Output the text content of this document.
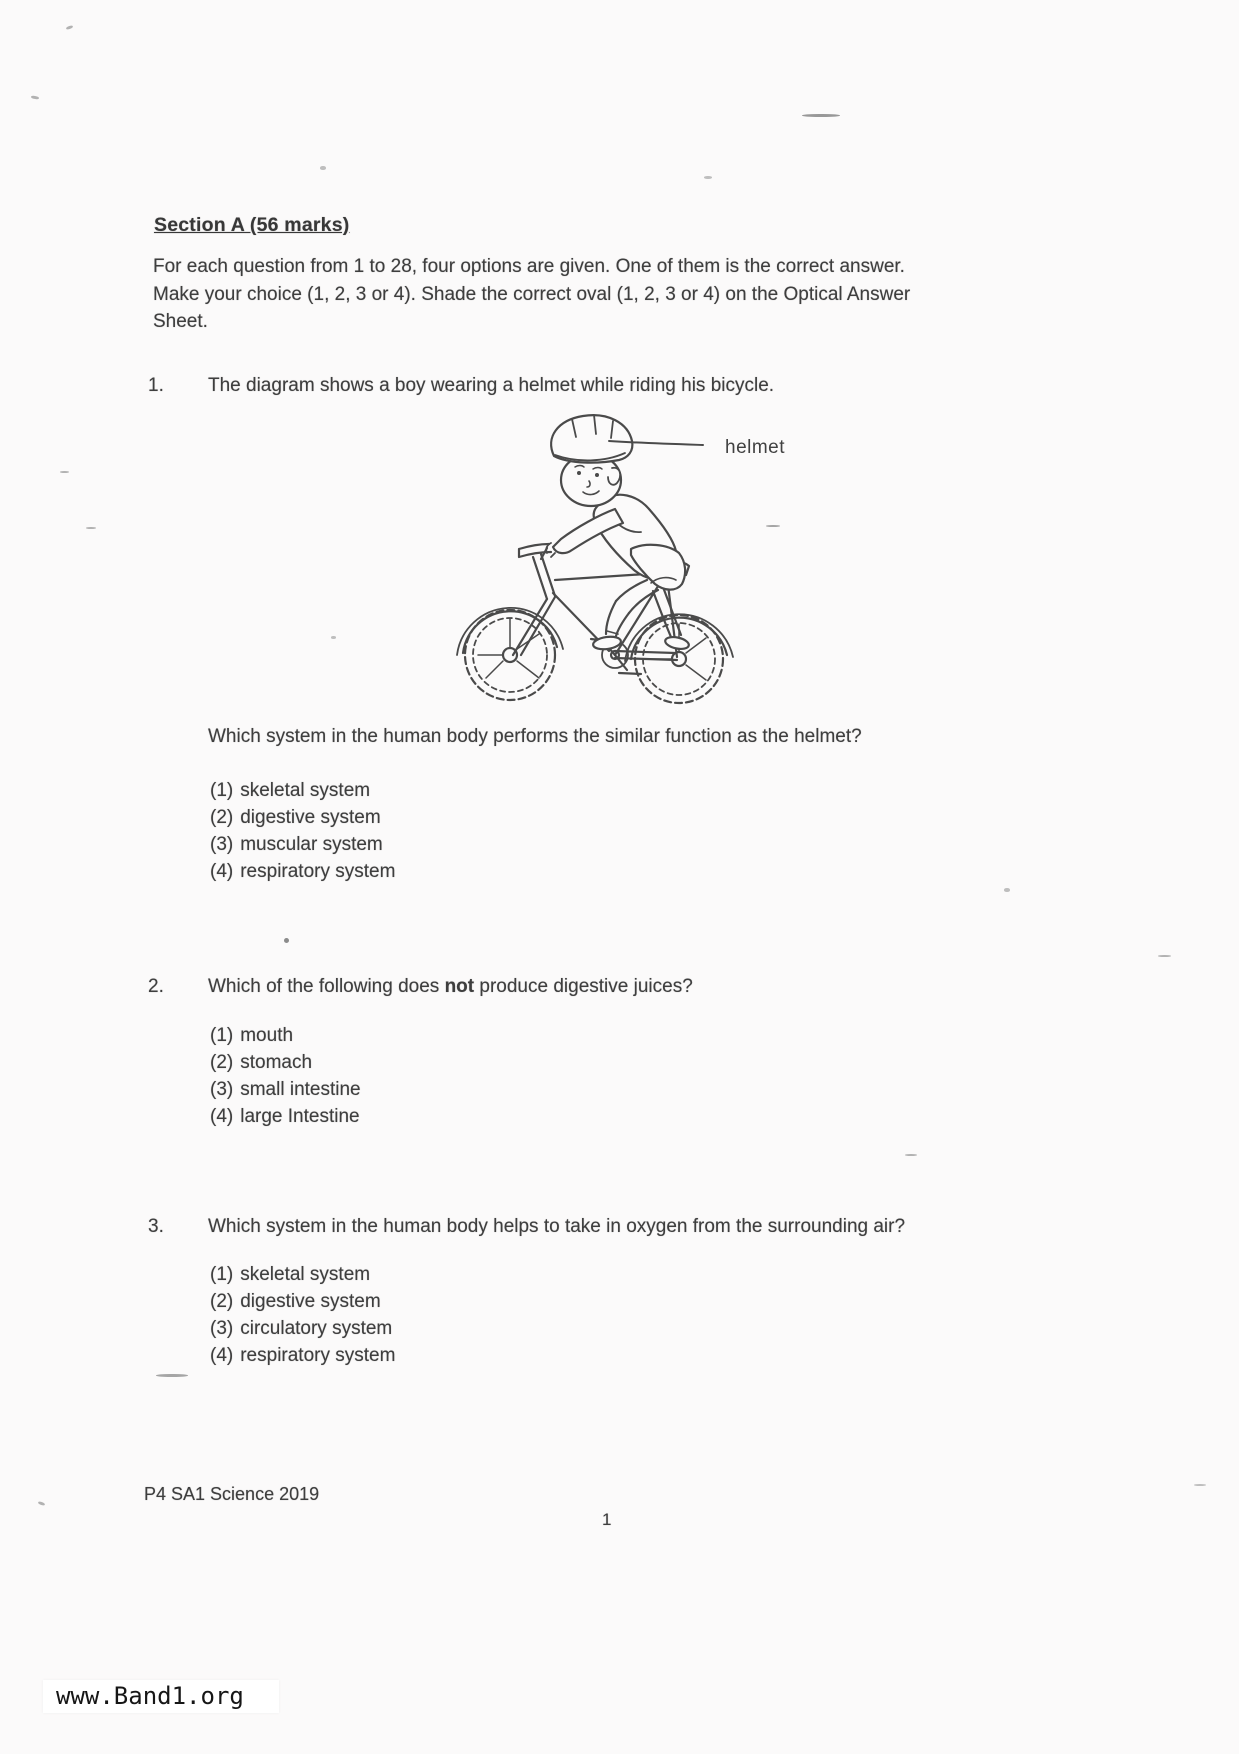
Section A (56 marks)
For each question from 1 to 28, four options are given. One of them is the correct answer.
Make your choice (1, 2, 3 or 4). Shade the correct oval (1, 2, 3 or 4) on the Optical Answer
Sheet.
1. The diagram shows a boy wearing a helmet while riding his bicycle.
helmet
Which system in the human body performs the similar function as the helmet?
(1) skeletal system
(2) digestive system
(3) muscular system
(4) respiratory system
2. Which of the following does not produce digestive juices?
(1) mouth
(2) stomach
(3) small intestine
(4) large Intestine
3. Which system in the human body helps to take in oxygen from the surrounding air?
(1) skeletal system
(2) digestive system
(3) circulatory system
(4) respiratory system
P4 SA1 Science 2019
1
www.Band1.org
